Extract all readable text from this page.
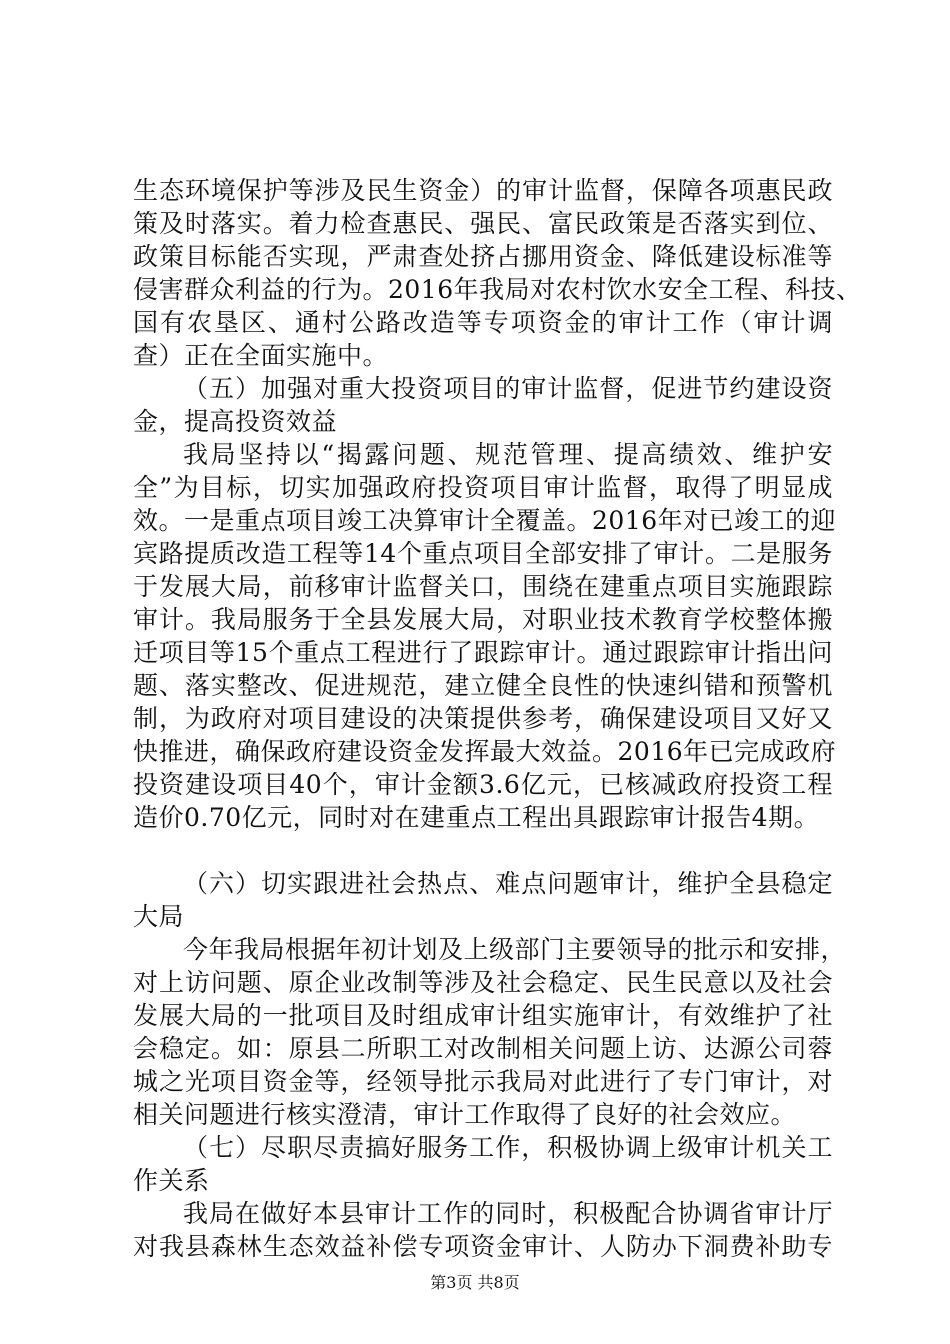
生态环境保护等涉及民生资金）的审计监督，保障各项惠民政
策及时落实。着力检查惠民、强民、富民政策是否落实到位、
政策目标能否实现，严肃查处挤占挪用资金、降低建设标准等
侵害群众利益的行为。2016年我局对农村饮水安全工程、科技、
国有农垦区、通村公路改造等专项资金的审计工作（审计调
查）正在全面实施中。
（五）加强对重大投资项目的审计监督，促进节约建设资
金，提高投资效益
我局坚持以“揭露问题、规范管理、提高绩效、维护安
全”为目标，切实加强政府投资项目审计监督，取得了明显成
效。一是重点项目竣工决算审计全覆盖。2016年对已竣工的迎
宾路提质改造工程等14个重点项目全部安排了审计。二是服务
于发展大局，前移审计监督关口，围绕在建重点项目实施跟踪
审计。我局服务于全县发展大局，对职业技术教育学校整体搬
迁项目等15个重点工程进行了跟踪审计。通过跟踪审计指出问
题、落实整改、促进规范，建立健全良性的快速纠错和预警机
制，为政府对项目建设的决策提供参考，确保建设项目又好又
快推进，确保政府建设资金发挥最大效益。2016年已完成政府
投资建设项目40个，审计金额3.6亿元，已核减政府投资工程
造价0.70亿元，同时对在建重点工程出具跟踪审计报告4期。
（六）切实跟进社会热点、难点问题审计，维护全县稳定
大局
今年我局根据年初计划及上级部门主要领导的批示和安排，
对上访问题、原企业改制等涉及社会稳定、民生民意以及社会
发展大局的一批项目及时组成审计组实施审计，有效维护了社
会稳定。如：原县二所职工对改制相关问题上访、达源公司蓉
城之光项目资金等，经领导批示我局对此进行了专门审计，对
相关问题进行核实澄清，审计工作取得了良好的社会效应。
（七）尽职尽责搞好服务工作，积极协调上级审计机关工
作关系
我局在做好本县审计工作的同时，积极配合协调省审计厅
对我县森林生态效益补偿专项资金审计、人防办下洞费补助专
第3页 共8页
